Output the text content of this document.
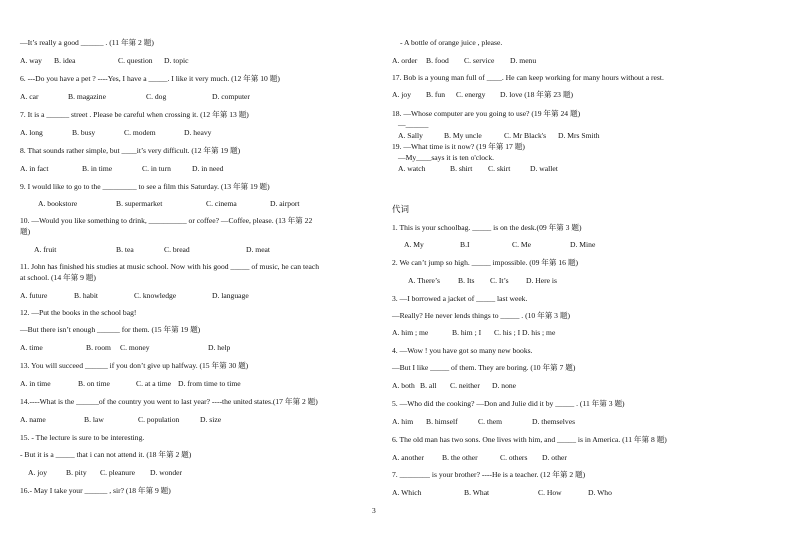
—It’s really a good ______ . (11 年第 2 题)
A. way B. idea	C. question D. topic
6. ---Do you have a pet ? ----Yes, I have a _____. I like it very much. (12 年第 10 题)
A. car	B. magazine	C. dog	D. computer
7. It is a ______ street . Please be careful when crossing it. (12 年第 13 题)
A. long	B. busy	C. modem	D. heavy
8. That sounds rather simple, but ____it’s very difficult. (12 年第 19 题)
A. in fact	B. in time	C. in turn	D. in need
9. I would like to go to the _________ to see a film this Saturday. (13 年第 19 题)
A. bookstore	B. supermarket	C. cinema	D. airport
10. —Would you like something to drink, __________ or coffee? —Coffee, please. (13 年第 22
题)
A. fruit	B. tea	C. bread	D. meat
11. John has finished his studies at music school. Now with his good _____ of music, he can teach
at school. (14 年第 9 题)
A. future	B. habit	C. knowledge	D. language
12. —Put the books in the school bag!
—But there isn’t enough ______ for them. (15 年第 19 题)
A. time	B. room C. money	D. help
13. You will succeed ______ if you don’t give up halfway. (15 年第 30 题)
A. in time	B. on time	C. at a time D. from time to time
14.----What is the ______of the country you went to last year? ----the united states.(17 年第 2 题)
A. name	B. law	C. population	D. size
15. - The lecture is sure to be interesting.
- But it is a _____ that i can not attend it. (18 年第 2 题)
A. joy	B. pity C. pleanure D. wonder
16.- May I take your ______ , sir? (18 年第 9 题)
- A bottle of orange juice , please.
A. order B. food C. service D. menu
17. Bob is a young man full of ____. He can keep working for many hours without a rest.
A. joy B. fun C. energy D. love (18 年第 23 题)
18. —Whose computer are you going to use? (19 年第 24 题)
—______
A. Sally	B. My uncle	C. Mr Black's D. Mrs Smith
19. —What time is it now? (19 年第 17 题)
—My____says it is ten o'clock.
A. watch	B. shirt C. skirt	D. wallet
代词
1. This is your schoolbag. _____ is on the desk.(09 年第 3 题)
A. My	B.I	C. Me	D. Mine
2. We can’t jump so high. _____ impossible. (09 年第 16 题)
A. There’s B. Its C. It’s D. Here is
3. —I borrowed a jacket of _____ last week.
—Really? He never lends things to _____ . (10 年第 3 题)
A. him ; me	B. him ; I C. his ; I D. his ; me
4. —Wow ! you have got so many new books.
—But I like _____ of them. They are boring. (10 年第 7 题)
A. both B. all C. neither D. none
5. —Who did the cooking? —Don and Julie did it by _____ . (11 年第 3 题)
A. him B. himself	C. them	D. themselves
6. The old man has two sons. One lives with him, and _____ is in America. (11 年第 8 题)
A. another B. the other	C. others D. other
7. ________ is your brother? ----He is a teacher. (12 年第 2 题)
A. Which	B. What	C. How	D. Who
3
